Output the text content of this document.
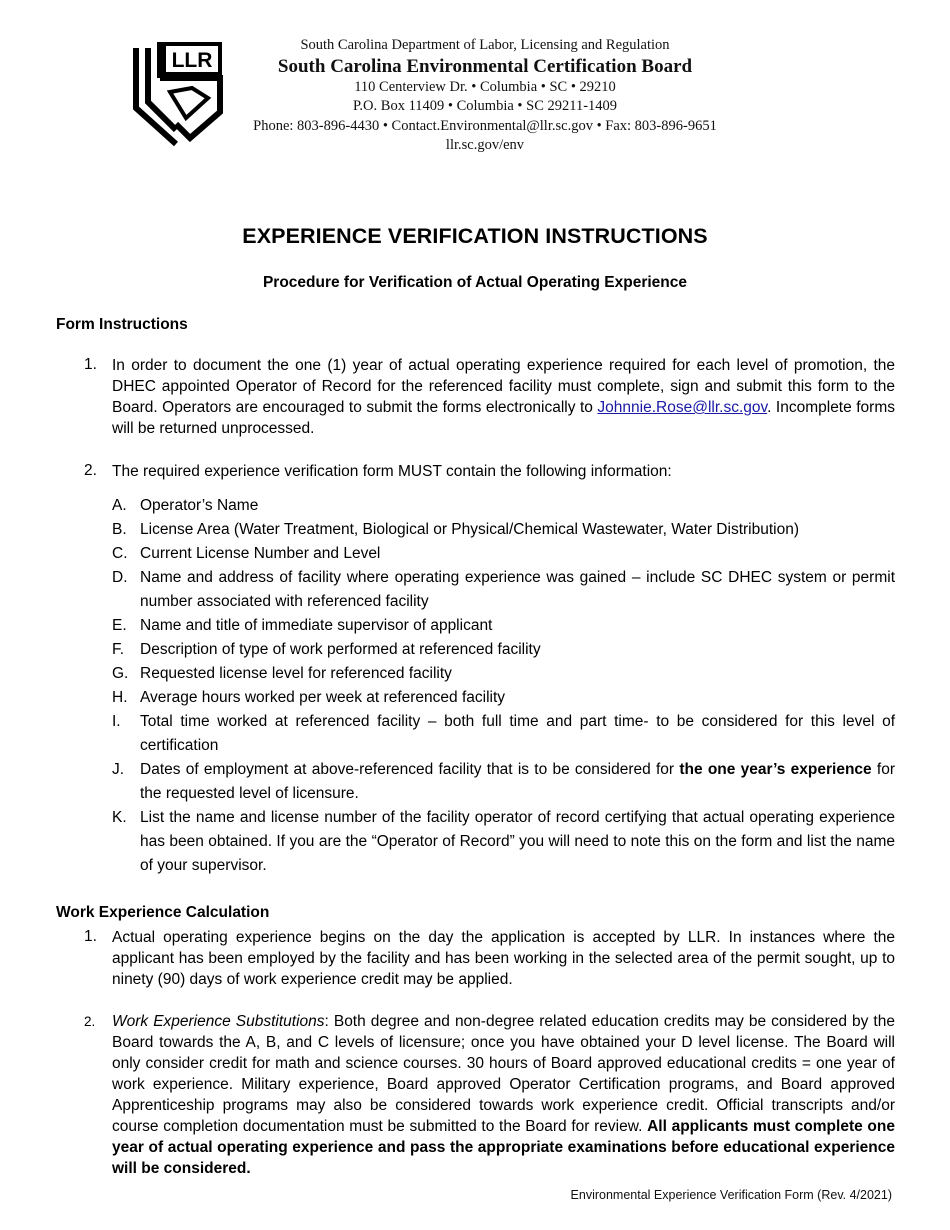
LLR
South Carolina Department of Labor, Licensing and Regulation
South Carolina Environmental Certification Board
110 Centerview Dr. • Columbia • SC • 29210
P.O. Box 11409 • Columbia • SC 29211-1409
Phone: 803-896-4430 • Contact.Environmental@llr.sc.gov • Fax: 803-896-9651
llr.sc.gov/env
EXPERIENCE VERIFICATION INSTRUCTIONS
Procedure for Verification of Actual Operating Experience
Form Instructions
1. In order to document the one (1) year of actual operating experience required for each level of promotion, the DHEC appointed Operator of Record for the referenced facility must complete, sign and submit this form to the Board. Operators are encouraged to submit the forms electronically to Johnnie.Rose@llr.sc.gov. Incomplete forms will be returned unprocessed.
2. The required experience verification form MUST contain the following information:
A. Operator’s Name
B. License Area (Water Treatment, Biological or Physical/Chemical Wastewater, Water Distribution)
C. Current License Number and Level
D. Name and address of facility where operating experience was gained – include SC DHEC system or permit number associated with referenced facility
E. Name and title of immediate supervisor of applicant
F.	Description of type of work performed at referenced facility
G. Requested license level for referenced facility
H. Average hours worked per week at referenced facility
I.	Total time worked at referenced facility – both full time and part time- to be considered for this level of certification
J.	Dates of employment at above-referenced facility that is to be considered for the one year’s experience for the requested level of licensure.
K. List the name and license number of the facility operator of record certifying that actual operating experience has been obtained. If you are the “Operator of Record” you will need to note this on the form and list the name of your supervisor.
Work Experience Calculation
1. Actual operating experience begins on the day the application is accepted by LLR. In instances where the applicant has been employed by the facility and has been working in the selected area of the permit sought, up to ninety (90) days of work experience credit may be applied.
2. Work Experience Substitutions: Both degree and non-degree related education credits may be considered by the Board towards the A, B, and C levels of licensure; once you have obtained your D level license. The Board will only consider credit for math and science courses. 30 hours of Board approved educational credits = one year of work experience. Military experience, Board approved Operator Certification programs, and Board approved Apprenticeship programs may also be considered towards work experience credit. Official transcripts and/or course completion documentation must be submitted to the Board for review. All applicants must complete one year of actual operating experience and pass the appropriate examinations before educational experience will be considered.
Environmental Experience Verification Form (Rev. 4/2021)
